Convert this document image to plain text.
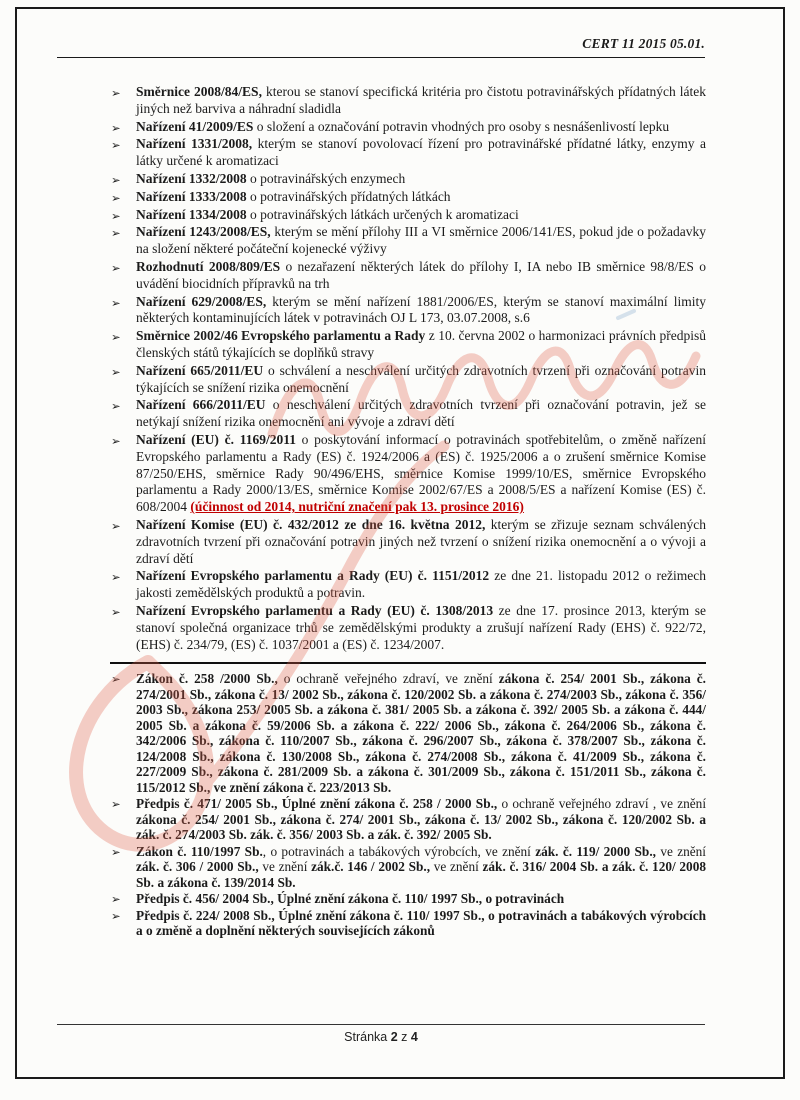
CERT 11 2015 05.01.
➢ Směrnice 2008/84/ES, kterou se stanoví specifická kritéria pro čistotu potravinářských přídatných látek jiných než barviva a náhradní sladidla
➢ Nařízení 41/2009/ES o složení a označování potravin vhodných pro osoby s nesnášenlivostí lepku
➢ Nařízení 1331/2008, kterým se stanoví povolovací řízení pro potravinářské přídatné látky, enzymy a látky určené k aromatizaci
➢ Nařízení 1332/2008 o potravinářských enzymech
➢ Nařízení 1333/2008 o potravinářských přídatných látkách
➢ Nařízení 1334/2008 o potravinářských látkách určených k aromatizaci
➢ Nařízení 1243/2008/ES, kterým se mění přílohy III a VI směrnice 2006/141/ES, pokud jde o požadavky na složení některé počáteční kojenecké výživy
➢ Rozhodnutí 2008/809/ES o nezařazení některých látek do přílohy I, IA nebo IB směrnice 98/8/ES o uvádění biocidních přípravků na trh
➢ Nařízení 629/2008/ES, kterým se mění nařízení 1881/2006/ES, kterým se stanoví maximální limity některých kontaminujících látek v potravinách OJ L 173, 03.07.2008, s.6
➢ Směrnice 2002/46 Evropského parlamentu a Rady z 10. června 2002 o harmonizaci právních předpisů členských států týkajících se doplňků stravy
➢ Nařízení 665/2011/EU o schválení a neschválení určitých zdravotních tvrzení při označování potravin týkajících se snížení rizika onemocnění
➢ Nařízení 666/2011/EU o neschválení určitých zdravotních tvrzení při označování potravin, jež se netýkají snížení rizika onemocnění ani vývoje a zdraví dětí
➢ Nařízení (EU) č. 1169/2011 o poskytování informací o potravinách spotřebitelům, o změně nařízení Evropského parlamentu a Rady (ES) č. 1924/2006 a (ES) č. 1925/2006 a o zrušení směrnice Komise 87/250/EHS, směrnice Rady 90/496/EHS, směrnice Komise 1999/10/ES, směrnice Evropského parlamentu a Rady 2000/13/ES, směrnice Komise 2002/67/ES a 2008/5/ES a nařízení Komise (ES) č. 608/2004 (účinnost od 2014, nutriční značení pak 13. prosince 2016)
➢ Nařízení Komise (EU) č. 432/2012 ze dne 16. května 2012, kterým se zřizuje seznam schválených zdravotních tvrzení při označování potravin jiných než tvrzení o snížení rizika onemocnění a o vývoji a zdraví dětí
➢ Nařízení Evropského parlamentu a Rady (EU) č. 1151/2012 ze dne 21. listopadu 2012 o režimech jakosti zemědělských produktů a potravin.
➢ Nařízení Evropského parlamentu a Rady (EU) č. 1308/2013 ze dne 17. prosince 2013, kterým se stanoví společná organizace trhů se zemědělskými produkty a zrušují nařízení Rady (EHS) č. 922/72, (EHS) č. 234/79, (ES) č. 1037/2001 a (ES) č. 1234/2007.
➢ Zákon č. 258 /2000 Sb., o ochraně veřejného zdraví, ve znění zákona č. 254/ 2001 Sb., zákona č. 274/2001 Sb., zákona č. 13/ 2002 Sb., zákona č. 120/2002 Sb. a zákona č. 274/2003 Sb., zákona č. 356/ 2003 Sb., zákona 253/ 2005 Sb. a zákona č. 381/ 2005 Sb. a zákona č. 392/ 2005 Sb. a zákona č. 444/ 2005 Sb. a zákona č. 59/2006 Sb. a zákona č. 222/ 2006 Sb., zákona č. 264/2006 Sb., zákona č. 342/2006 Sb., zákona č. 110/2007 Sb., zákona č. 296/2007 Sb., zákona č. 378/2007 Sb., zákona č. 124/2008 Sb., zákona č. 130/2008 Sb., zákona č. 274/2008 Sb., zákona č. 41/2009 Sb., zákona č. 227/2009 Sb., zákona č. 281/2009 Sb. a zákona č. 301/2009 Sb., zákona č. 151/2011 Sb., zákona č. 115/2012 Sb., ve znění zákona č. 223/2013 Sb.
➢ Předpis č. 471/ 2005 Sb., Úplné znění zákona č. 258 / 2000 Sb., o ochraně veřejného zdraví , ve znění zákona č. 254/ 2001 Sb., zákona č. 274/ 2001 Sb., zákona č. 13/ 2002 Sb., zákona č. 120/2002 Sb. a zák. č. 274/2003 Sb. zák. č. 356/ 2003 Sb. a zák. č. 392/ 2005 Sb.
➢ Zákon č. 110/1997 Sb., o potravinách a tabákových výrobcích, ve znění zák. č. 119/ 2000 Sb., ve znění zák. č. 306 / 2000 Sb., ve znění zák.č. 146 / 2002 Sb., ve znění zák. č. 316/ 2004 Sb. a zák. č. 120/ 2008 Sb. a zákona č. 139/2014 Sb.
➢ Předpis č. 456/ 2004 Sb., Úplné znění zákona č. 110/ 1997 Sb., o potravinách
➢ Předpis č. 224/ 2008 Sb., Úplné znění zákona č. 110/ 1997 Sb., o potravinách a tabákových výrobcích a o změně a doplnění některých souvisejících zákonů
Stránka 2 z 4
